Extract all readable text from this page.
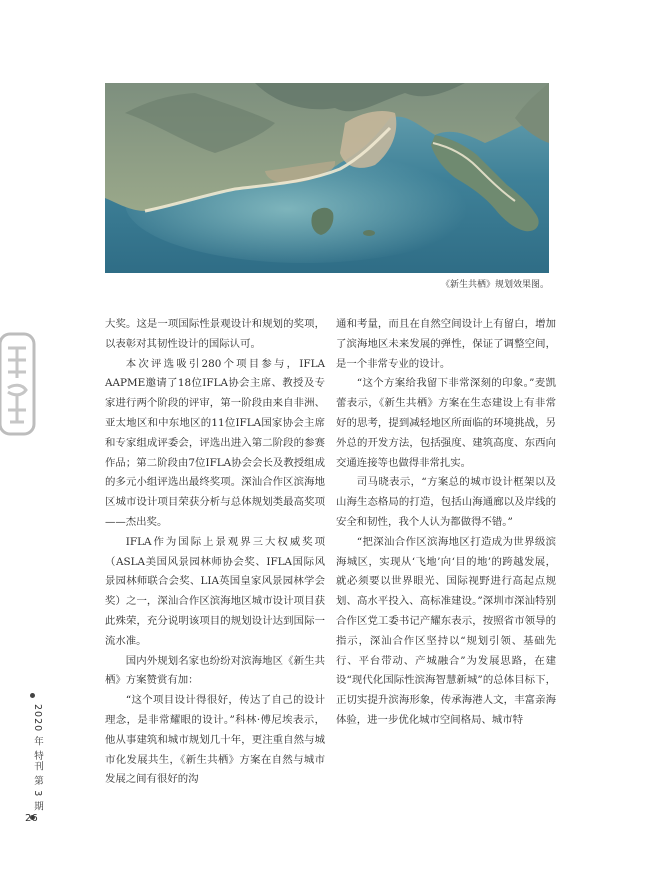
《新生共栖》规划效果图。

大奖。这是一项国际性景观设计和规划的奖项，以表彰对其韧性设计的国际认可。

本次评选吸引280个项目参与，IFLA AAPME邀请了18位IFLA协会主席、教授及专家进行两个阶段的评审，第一阶段由来自非洲、亚太地区和中东地区的11位IFLA国家协会主席和专家组成评委会，评选出进入第二阶段的参赛作品；第二阶段由7位IFLA协会会长及教授组成的多元小组评选出最终奖项。深汕合作区滨海地区城市设计项目荣获分析与总体规划类最高奖项——杰出奖。

IFLA作为国际上景观界三大权威奖项（ASLA美国风景园林师协会奖、IFLA国际风景园林师联合会奖、LIA英国皇家风景园林学会奖）之一，深汕合作区滨海地区城市设计项目获此殊荣，充分说明该项目的规划设计达到国际一流水准。

国内外规划名家也纷纷对滨海地区《新生共栖》方案赞赏有加：

“这个项目设计得很好，传达了自己的设计理念，是非常耀眼的设计。”科林·傅尼埃表示，他从事建筑和城市规划几十年，更注重自然与城市化发展共生，《新生共栖》方案在自然与城市发展之间有很好的沟

通和考量，而且在自然空间设计上有留白，增加了滨海地区未来发展的弹性，保证了调整空间，是一个非常专业的设计。

“这个方案给我留下非常深刻的印象。”麦凯蕾表示，《新生共栖》方案在生态建设上有非常好的思考，提到减轻地区所面临的环境挑战，另外总的开发方法，包括强度、建筑高度、东西向交通连接等也做得非常扎实。

司马晓表示，“方案总的城市设计框架以及山海生态格局的打造，包括山海通廊以及岸线的安全和韧性，我个人认为都做得不错。”

“把深汕合作区滨海地区打造成为世界级滨海城区，实现从‘飞地’向‘目的地’的跨越发展，就必须要以世界眼光、国际视野进行高起点规划、高水平投入、高标准建设。”深圳市深汕特别合作区党工委书记产耀东表示，按照省市领导的指示，深汕合作区坚持以“规划引领、基础先行、平台带动、产城融合”为发展思路，在建设“现代化国际性滨海智慧新城”的总体目标下，正切实提升滨海形象，传承海港人文，丰富亲海体验，进一步优化城市空间格局、城市特

2020 年 特刊 第 3 期
26
